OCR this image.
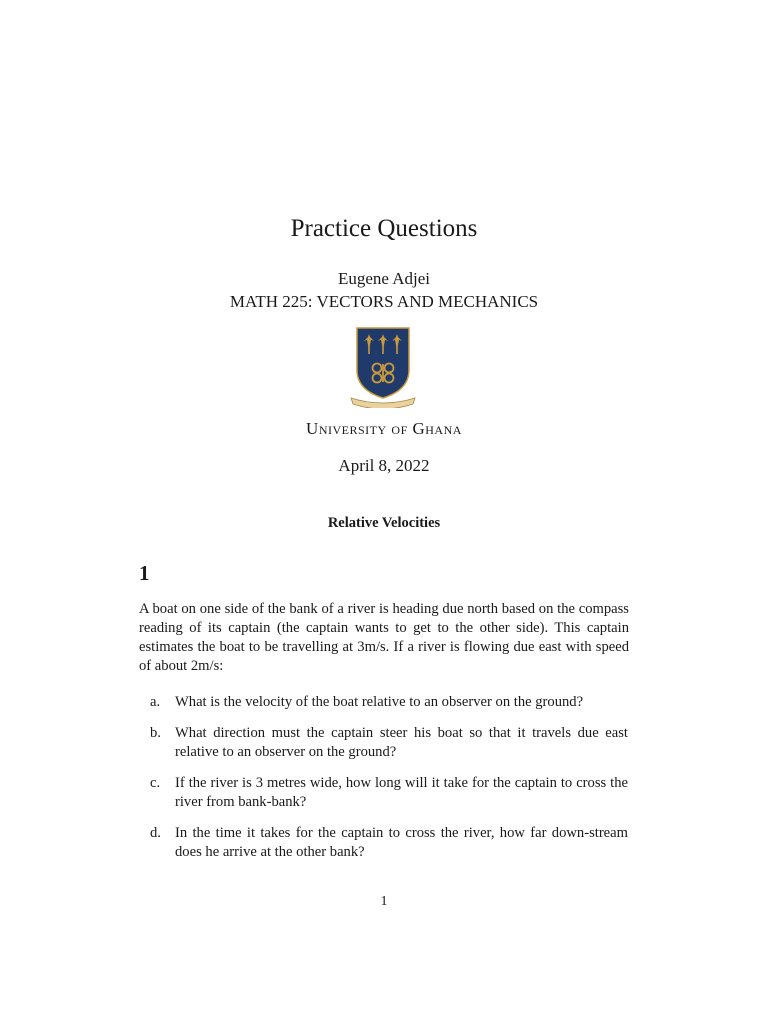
Practice Questions
Eugene Adjei
MATH 225: VECTORS AND MECHANICS
University of Ghana
April 8, 2022
Relative Velocities
1
A boat on one side of the bank of a river is heading due north based on the compass reading of its captain (the captain wants to get to the other side). This captain estimates the boat to be travelling at 3m/s. If a river is flowing due east with speed of about 2m/s:
a.	What is the velocity of the boat relative to an observer on the ground?
b. What direction must the captain steer his boat so that it travels due east relative to an observer on the ground?
c.	If the river is 3 metres wide, how long will it take for the captain to cross the river from bank-bank?
d. In the time it takes for the captain to cross the river, how far down-stream does he arrive at the other bank?
1
